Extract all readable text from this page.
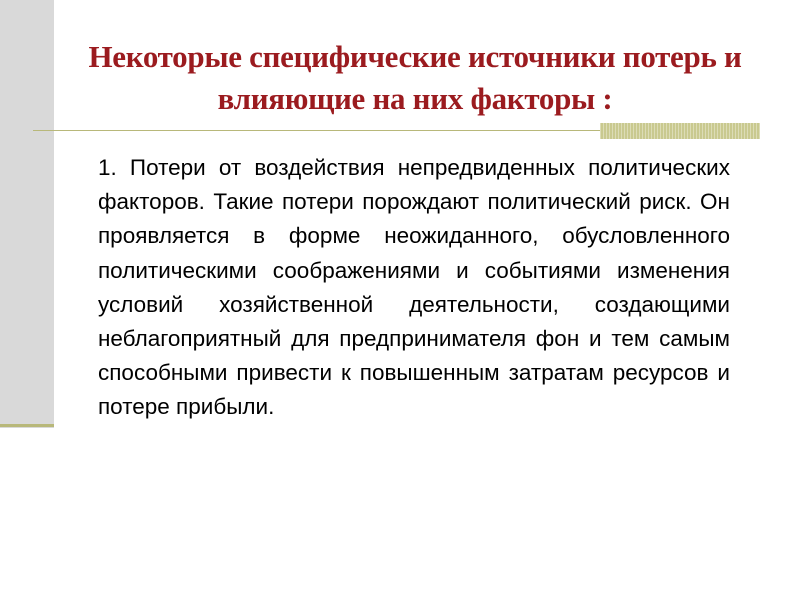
Некоторые специфические источники потерь и влияющие на них факторы :

1. Потери от воздействия непредвиденных политических факторов. Такие потери порождают политический риск. Он проявляется в форме неожиданного, обусловленного политическими соображениями и событиями изменения условий хозяйственной деятельности, создающими неблагоприятный для предпринимателя фон и тем самым способными привести к повышенным затратам ресурсов и потере прибыли.
